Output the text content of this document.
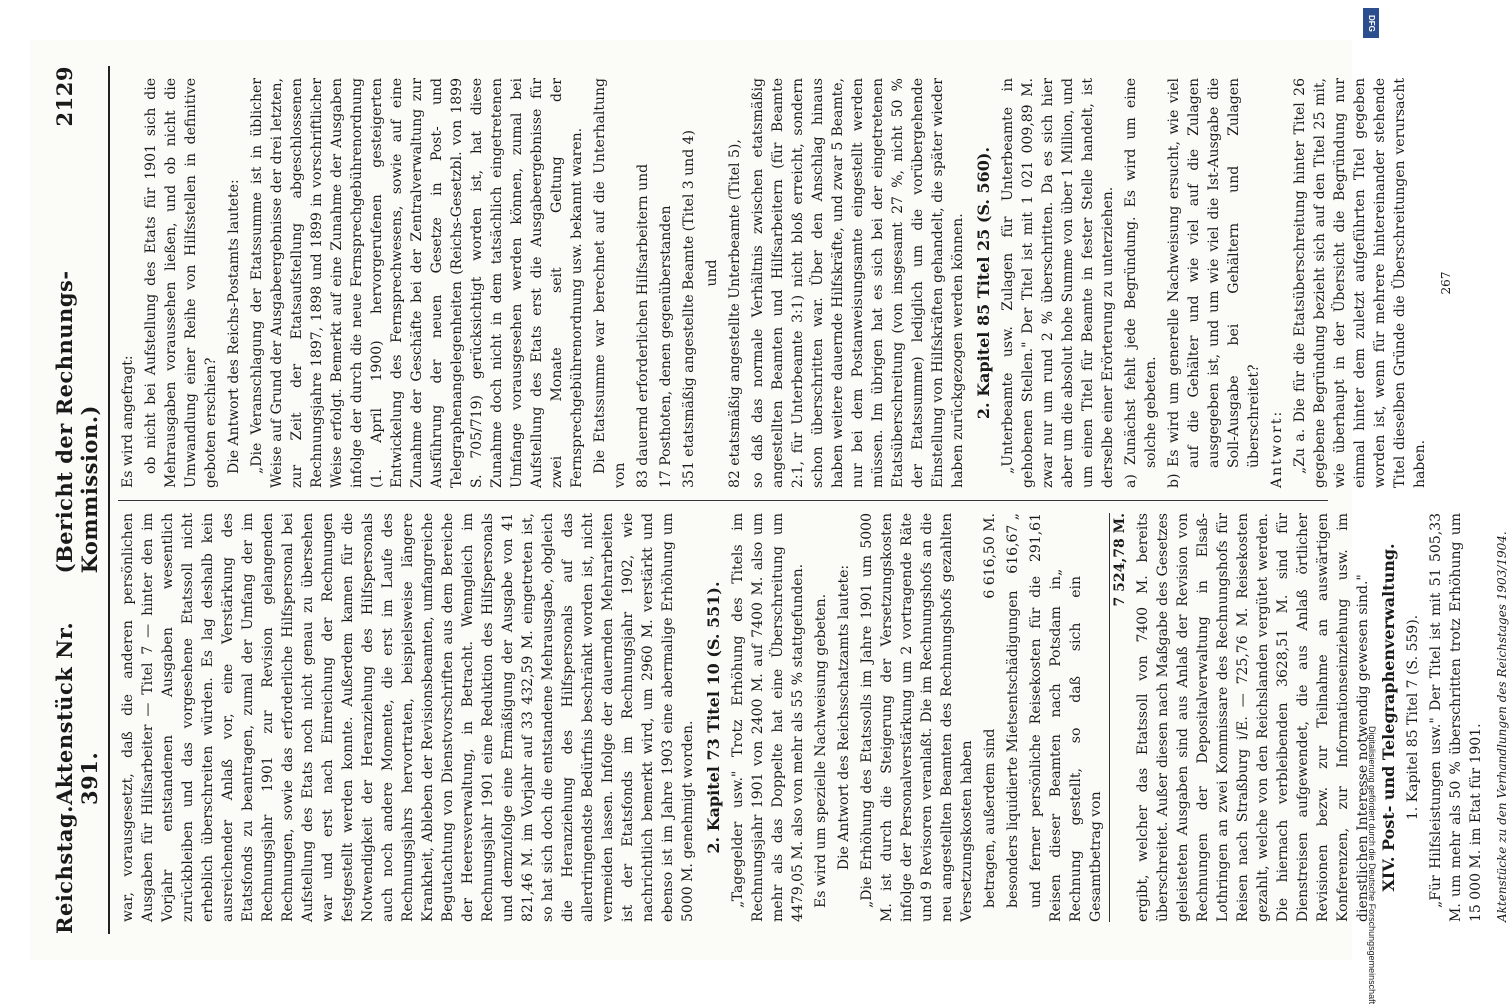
Reichstag.
Aktenstück Nr. 391.
(Bericht der Rechnungs-Kommission.)
2129

war, vorausgesetzt, daß die anderen persönlichen Ausgaben für Hilfsarbeiter — Titel 7 — hinter den im Vorjahr entstandenen Ausgaben wesentlich zurückbleiben und das vorgesehene Etatssoll nicht erheblich überschreiten würden. Es lag deshalb kein ausreichender Anlaß vor, eine Verstärkung des Etatsfonds zu beantragen, zumal der Umfang der im Rechnungsjahr 1901 zur Revision gelangenden Rechnungen, sowie das erforderliche Hilfspersonal bei Aufstellung des Etats noch nicht genau zu übersehen war und erst nach Einreichung der Rechnungen festgestellt werden konnte. Außerdem kamen für die Notwendigkeit der Heranziehung des Hilfspersonals auch noch andere Momente, die erst im Laufe des Rechnungsjahrs hervortraten, beispielsweise längere Krankheit, Ableben der Revisionsbeamten, umfangreiche Begutachtung von Dienstvorschriften aus dem Bereiche der Heeresverwaltung, in Betracht. Wenngleich im Rechnungsjahr 1901 eine Reduktion des Hilfspersonals und demzufolge eine Ermäßigung der Ausgabe von 41 821,46 M. im Vorjahr auf 33 432,59 M. eingetreten ist, so hat sich doch die entstandene Mehrausgabe, obgleich die Heranziehung des Hilfspersonals auf das allerdringendste Bedürfnis beschränkt worden ist, nicht vermeiden lassen. Infolge der dauernden Mehrarbeiten ist der Etatsfonds im Rechnungsjahr 1902, wie nachrichtlich bemerkt wird, um 2960 M. verstärkt und ebenso ist im Jahre 1903 eine abermalige Erhöhung um 5000 M. genehmigt worden. 2. Kapitel 73 Titel 10 (S. 551). „Tagegelder usw." Trotz Erhöhung des Titels im Rechnungsjahr 1901 von 2400 M. auf 7400 M. also um mehr als das Doppelte hat eine Überschreitung um 4479,05 M. also von mehr als 55 % stattgefunden. Es wird um spezielle Nachweisung gebeten. Die Antwort des Reichsschatzamts lautete: „Die Erhöhung des Etatssolls im Jahre 1901 um 5000 M. ist durch die Steigerung der Versetzungskosten infolge der Personalverstärkung um 2 vortragende Räte und 9 Revisoren veranlaßt. Die im Rechnungshofs an die neu angestellten Beamten des Rechnungshofs gezahlten Versetzungskosten haben betragen, außerdem sind
6 616,50 M.

besonders liquidierte Mietsentschädigungen
616,67 „

und ferner persönliche Reisekosten für die Reisen dieser Beamten nach Potsdam in Rechnung gestellt, so daß sich ein Gesamtbetrag von
291,61 „	7 524,78 M. ergibt, welcher das Etatssoll von 7400 M. bereits überschreitet. Außer diesen nach Maßgabe des Gesetzes geleisteten Ausgaben sind aus Anlaß der Revision von Rechnungen der Depositalverwaltung in Elsaß-Lothringen an zwei Kommissare des Rechnungshofs für Reisen nach Straßburg i/E. — 725,76 M. Reisekosten gezahlt, welche von den Reichslanden vergütet werden. Die hiernach verbleibenden 3628,51 M. sind für Dienstreisen aufgewendet, die aus Anlaß örtlicher Revisionen bezw. zur Teilnahme an auswärtigen Konferenzen, zur Informationseinziehung usw. im dienstlichen Interesse notwendig gewesen sind." XIV. Post- und Telegraphenverwaltung. 1. Kapitel 85 Titel 7 (S. 559). „Für Hilfsleistungen usw." Der Titel ist mit 51 505,33 M. um mehr als 50 % überschritten trotz Erhöhung um 15 000 M. im Etat für 1901. Aktenstücke zu den Verhandlungen des Reichstages 1903/1904.

Es wird angefragt: ob nicht bei Aufstellung des Etats für 1901 sich die Mehrausgaben voraussehen ließen, und ob nicht die Umwandlung einer Reihe von Hilfsstellen in definitive geboten erschien? Die Antwort des Reichs-Postamts lautete: „Die Veranschlagung der Etatssumme ist in üblicher Weise auf Grund der Ausgabeergebnisse der drei letzten, zur Zeit der Etatsaufstellung abgeschlossenen Rechnungsjahre 1897, 1898 und 1899 in vorschriftlicher Weise erfolgt. Bemerkt auf eine Zunahme der Ausgaben infolge der durch die neue Fernsprechgebührenordnung (1. April 1900) hervorgerufenen gesteigerten Entwickelung des Fernsprechwesens, sowie auf eine Zunahme der Geschäfte bei der Zentralverwaltung zur Ausführung der neuen Gesetze in Post- und Telegraphenangelegenheiten (Reichs-Gesetzbl. von 1899 S. 705/719) gerücksichtigt worden ist, hat diese Zunahme doch nicht in dem tatsächlich eingetretenen Umfange vorausgesehen werden können, zumal bei Aufstellung des Etats erst die Ausgabeergebnisse für zwei Monate seit Geltung der Fernsprechgebührenordnung usw. bekannt waren. Die Etatssumme war berechnet auf die Unterhaltung von 83 dauernd erforderlichen Hilfsarbeitern und 17 Posthoten, denen gegenüberstanden 351 etatsmäßig angestellte Beamte (Titel 3 und 4) und 82 etatsmäßig angestellte Unterbeamte (Titel 5), so daß das normale Verhältnis zwischen etatsmäßig angestellten Beamten und Hilfsarbeitern (für Beamte 2:1, für Unterbeamte 3:1) nicht bloß erreicht, sondern schon überschritten war. Über den Anschlag hinaus haben weitere dauernde Hilfskräfte, und zwar 5 Beamte, nur bei dem Postanweisungsamte eingestellt werden müssen. Im übrigen hat es sich bei der eingetretenen Etatsüberschreitung (von insgesamt 27 %, nicht 50 % der Etatssumme) lediglich um die vorübergehende Einstellung von Hilfskräften gehandelt, die später wieder haben zurückgezogen werden können. 2. Kapitel 85 Titel 25 (S. 560). „Unterbeamte usw. Zulagen für Unterbeamte in gehobenen Stellen." Der Titel ist mit 1 021 009,89 M. zwar nur um rund 2 % überschritten. Da es sich hier aber um die absolut hohe Summe von über 1 Million, und um einen Titel für Beamte in fester Stelle handelt, ist derselbe einer Erörterung zu unterziehen. a) Zunächst fehlt jede Begründung. Es wird um eine solche gebeten. b) Es wird um generelle Nachweisung ersucht, wie viel auf die Gehälter und wie viel auf die Zulagen ausgegeben ist, und um wie viel die Ist-Ausgabe die Soll-Ausgabe bei Gehältern und Zulagen überschreitet? Antwort: „Zu a. Die für die Etatsüberschreitung hinter Titel 26 gegebene Begründung bezieht sich auf den Titel 25 mit, wie überhaupt in der Übersicht die Begründung nur einmal hinter dem zuletzt aufgeführten Titel gegeben worden ist, wenn für mehrere hintereinander stehende Titel dieselben Gründe die Überschreitungen verursacht haben.

267
DFG
Digitalisierung gefördert durch die Deutsche Forschungsgemeinschaft
